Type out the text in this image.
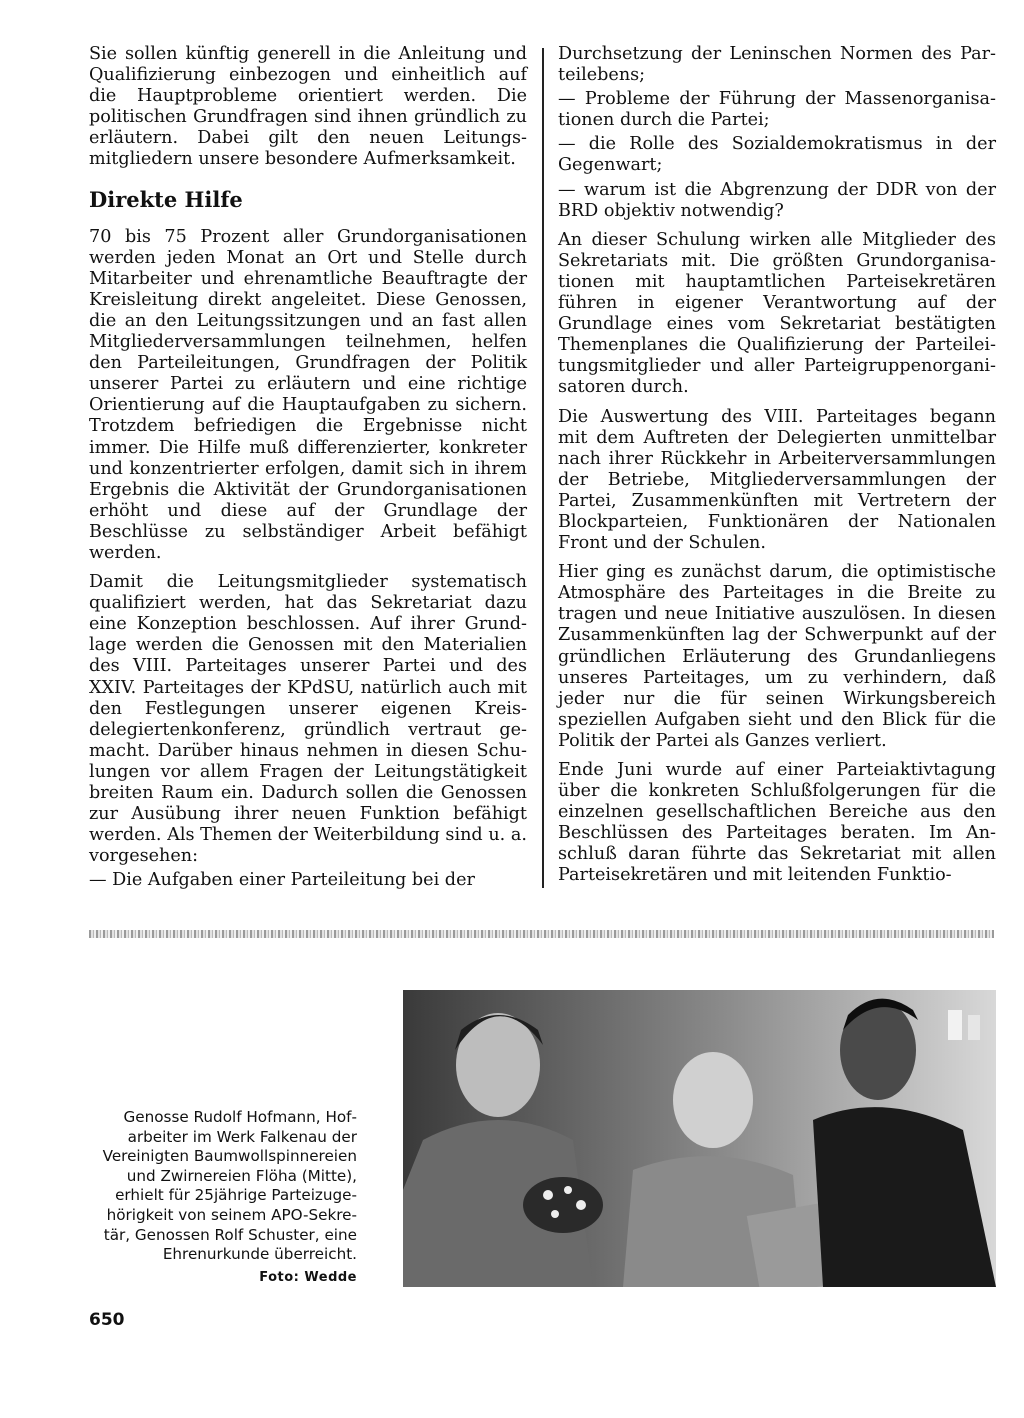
Sie sollen künftig generell in die Anleitung und Qualifizierung einbezogen und einheitlich auf die Hauptprobleme orientiert werden. Die politischen Grundfragen sind ihnen gründlich zu erläutern. Dabei gilt den neuen Leitungsmitgliedern unsere besondere Aufmerksamkeit.

Direkte Hilfe

70 bis 75 Prozent aller Grundorganisationen werden jeden Monat an Ort und Stelle durch Mitarbeiter und ehrenamtliche Beauftragte der Kreisleitung direkt angeleitet. Diese Genossen, die an den Leitungssitzungen und an fast allen Mitgliederversammlungen teilnehmen, helfen den Parteileitungen, Grundfragen der Politik unserer Partei zu erläutern und eine richtige Orientierung auf die Hauptaufgaben zu sichern. Trotzdem befriedigen die Ergebnisse nicht immer. Die Hilfe muß differenzierter, konkreter und konzentrierter erfolgen, damit sich in ihrem Ergebnis die Aktivität der Grundorganisationen erhöht und diese auf der Grundlage der Beschlüsse zu selbständiger Arbeit befähigt werden.

Damit die Leitungsmitglieder systematisch qualifiziert werden, hat das Sekretariat dazu eine Konzeption beschlossen. Auf ihrer Grundlage werden die Genossen mit den Materialien des VIII. Parteitages unserer Partei und des XXIV. Parteitages der KPdSU, natürlich auch mit den Festlegungen unserer eigenen Kreisdelegiertenkonferenz, gründlich vertraut gemacht. Darüber hinaus nehmen in diesen Schulungen vor allem Fragen der Leitungstätigkeit breiten Raum ein. Dadurch sollen die Genossen zur Ausübung ihrer neuen Funktion befähigt werden. Als Themen der Weiterbildung sind u. a. vorgesehen:

— Die Aufgaben einer Parteileitung bei der

Durchsetzung der Leninschen Normen des Parteilebens;

— Probleme der Führung der Massenorganisationen durch die Partei;

— die Rolle des Sozialdemokratismus in der Gegenwart;

— warum ist die Abgrenzung der DDR von der BRD objektiv notwendig?

An dieser Schulung wirken alle Mitglieder des Sekretariats mit. Die größten Grundorganisationen mit hauptamtlichen Parteisekretären führen in eigener Verantwortung auf der Grundlage eines vom Sekretariat bestätigten Themenplanes die Qualifizierung der Parteileitungsmitglieder und aller Parteigruppenorganisatoren durch.

Die Auswertung des VIII. Parteitages begann mit dem Auftreten der Delegierten unmittelbar nach ihrer Rückkehr in Arbeiterversammlungen der Betriebe, Mitgliederversammlungen der Partei, Zusammenkünften mit Vertretern der Blockparteien, Funktionären der Nationalen Front und der Schulen.

Hier ging es zunächst darum, die optimistische Atmosphäre des Parteitages in die Breite zu tragen und neue Initiative auszulösen. In diesen Zusammenkünften lag der Schwerpunkt auf der gründlichen Erläuterung des Grundanliegens unseres Parteitages, um zu verhindern, daß jeder nur die für seinen Wirkungsbereich speziellen Aufgaben sieht und den Blick für die Politik der Partei als Ganzes verliert.

Ende Juni wurde auf einer Parteiaktivtagung über die konkreten Schlußfolgerungen für die einzelnen gesellschaftlichen Bereiche aus den Beschlüssen des Parteitages beraten. Im Anschluß daran führte das Sekretariat mit allen Parteisekretären und mit leitenden Funktio-

Genosse Rudolf Hofmann, Hofarbeiter im Werk Falkenau der Vereinigten Baumwollspinnereien und Zwirnereien Flöha (Mitte), erhielt für 25jährige Parteizugehörigkeit von seinem APO-Sekretär, Genossen Rolf Schuster, eine Ehrenurkunde überreicht.
Foto: Wedde
650
